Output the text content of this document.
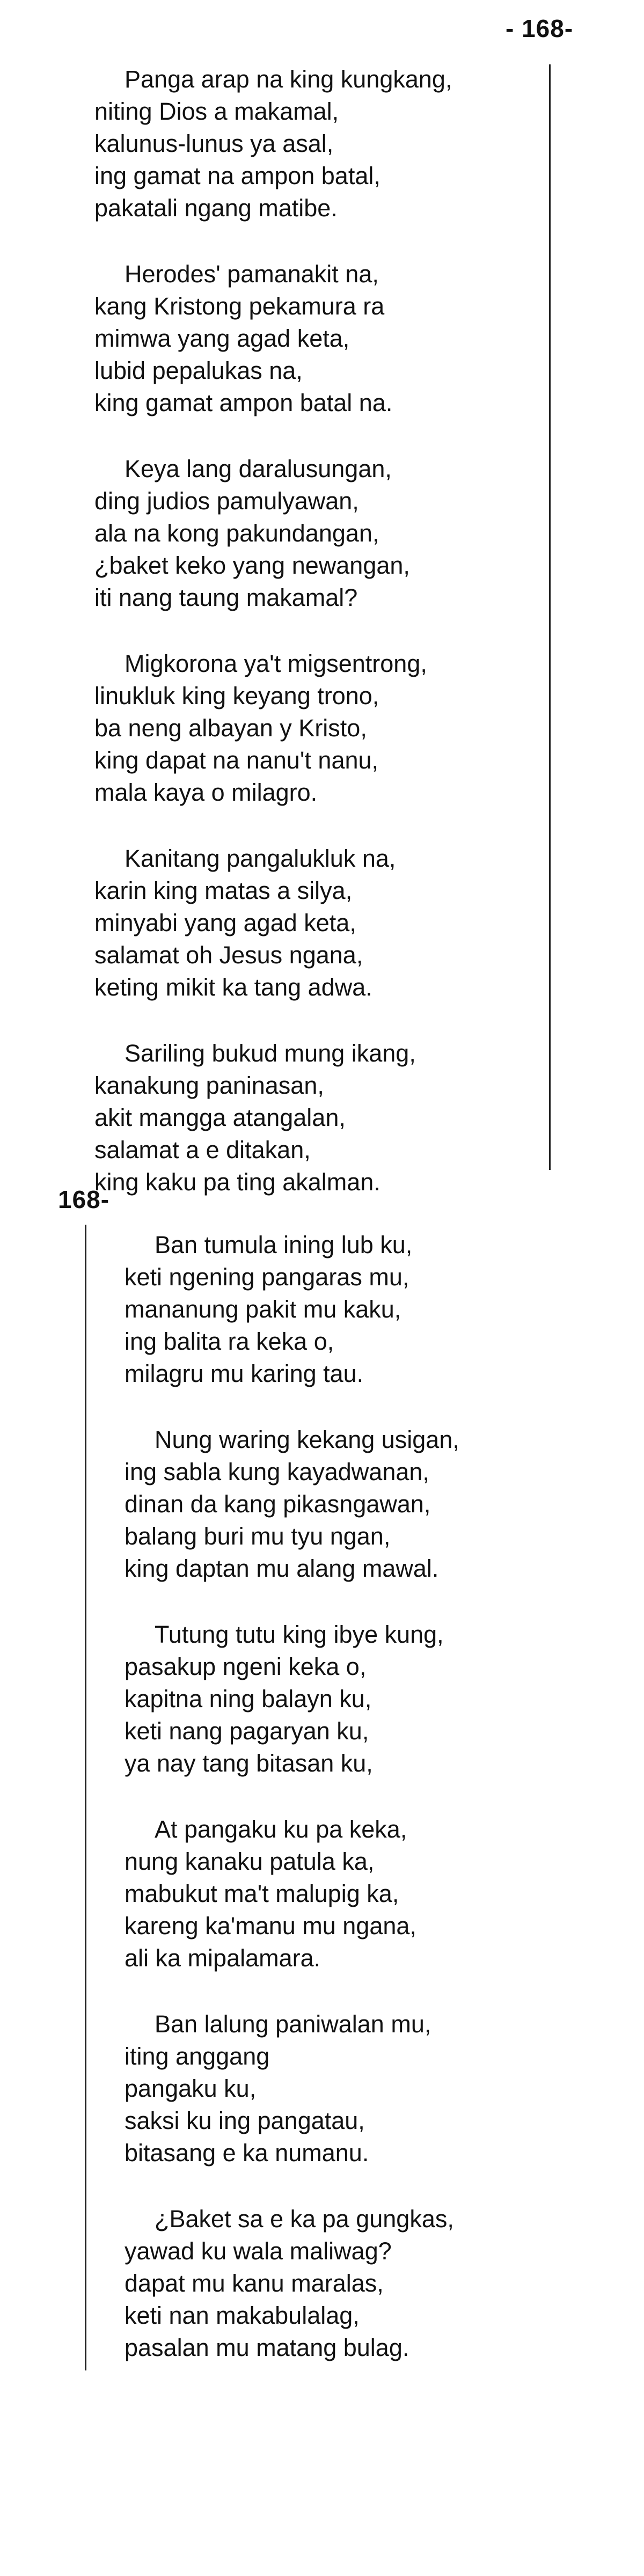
- 168-
Panga arap na king kungkang,
niting Dios a makamal,
kalunus-lunus ya asal,
ing gamat na ampon batal,
pakatali ngang matibe.
Herodes' pamanakit na,
kang Kristong pekamura ra
mimwa yang agad keta,
lubid pepalukas na,
king gamat ampon batal na.
Keya lang daralusungan,
ding judios pamulyawan,
ala na kong pakundangan,
¿baket keko yang newangan,
iti nang taung makamal?
Migkorona ya't migsentrong,
linukluk king keyang trono,
ba neng albayan y Kristo,
king dapat na nanu't nanu,
mala kaya o milagro.
Kanitang pangalukluk na,
karin king matas a silya,
minyabi yang agad keta,
salamat oh Jesus ngana,
keting mikit ka tang adwa.
Sariling bukud mung ikang,
kanakung paninasan,
akit mangga atangalan,
salamat a e ditakan,
king kaku pa ting akalman.
168-
Ban tumula ining lub ku,
keti ngening pangaras mu,
mananung pakit mu kaku,
ing balita ra keka o,
milagru mu karing tau.
Nung waring kekang usigan,
ing sabla kung kayadwanan,
dinan da kang pikasngawan,
balang buri mu tyu ngan,
king daptan mu alang mawal.
Tutung tutu king ibye kung,
pasakup ngeni keka o,
kapitna ning balayn ku,
keti nang pagaryan ku,
ya nay tang bitasan ku,
At pangaku ku pa keka,
nung kanaku patula ka,
mabukut ma't malupig ka,
kareng ka'manu mu ngana,
ali ka mipalamara.
Ban lalung paniwalan mu,
iting anggang
pangaku ku,
saksi ku ing pangatau,
bitasang e ka numanu.
¿Baket sa e ka pa gungkas,
yawad ku wala maliwag?
dapat mu kanu maralas,
keti nan makabulalag,
pasalan mu matang bulag.
